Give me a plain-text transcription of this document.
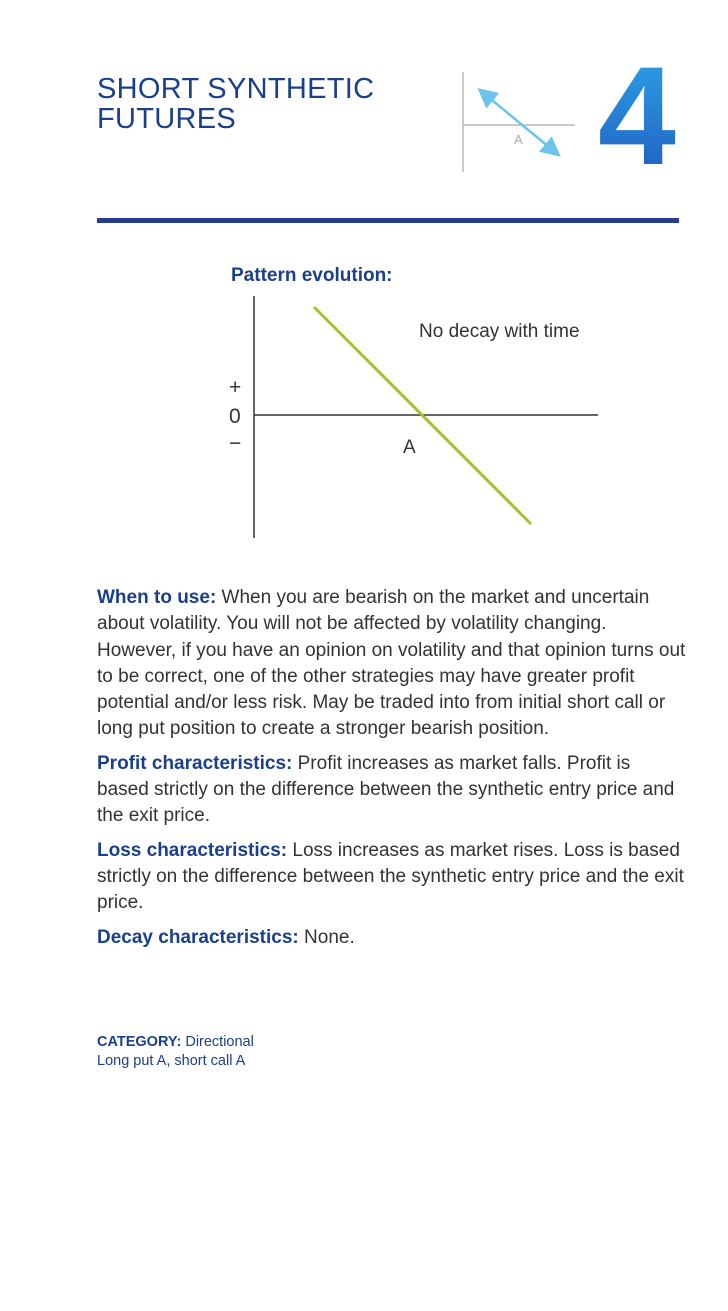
SHORT SYNTHETIC
FUTURES
A 4
Pattern evolution:
No decay with time
+
0
−	A

When to use: When you are bearish on the market and uncertain about volatility. You will not be affected by volatility changing. However, if you have an opinion on volatility and that opinion turns out to be correct, one of the other strategies may have greater profit potential and/or less risk. May be traded into from initial short call or long put position to create a stronger bearish position.

Profit characteristics: Profit increases as market falls. Profit is based strictly on the difference between the synthetic entry price and the exit price.

Loss characteristics: Loss increases as market rises. Loss is based strictly on the difference between the synthetic entry price and the exit price.

Decay characteristics: None.

CATEGORY: Directional
Long put A, short call A
